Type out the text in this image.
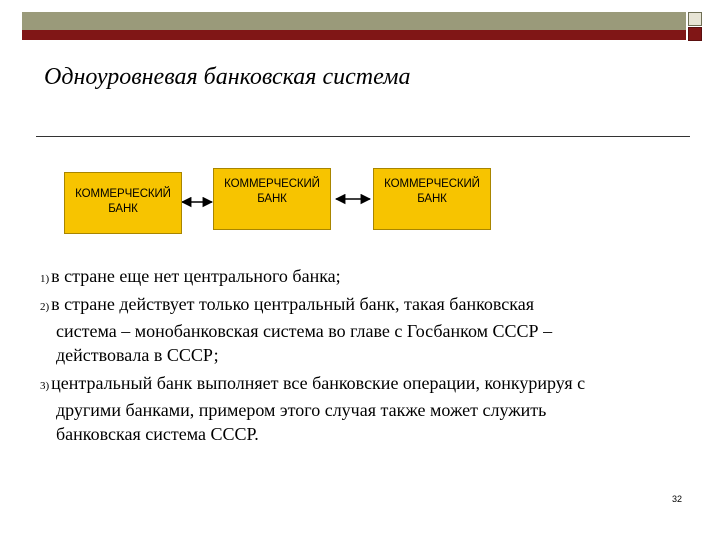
Одноуровневая банковская система
КОММЕРЧЕСКИЙ
БАНК
КОММЕРЧЕСКИЙ
БАНК
КОММЕРЧЕСКИЙ
БАНК
1) в стране еще нет центрального банка;
2) в стране действует только центральный банк, такая банковская
система – монобанковская система во главе с Госбанком СССР –
действовала в СССР;
3) центральный банк выполняет все банковские операции, конкурируя с
другими банками, примером этого случая также может служить
банковская система СССР.
32
